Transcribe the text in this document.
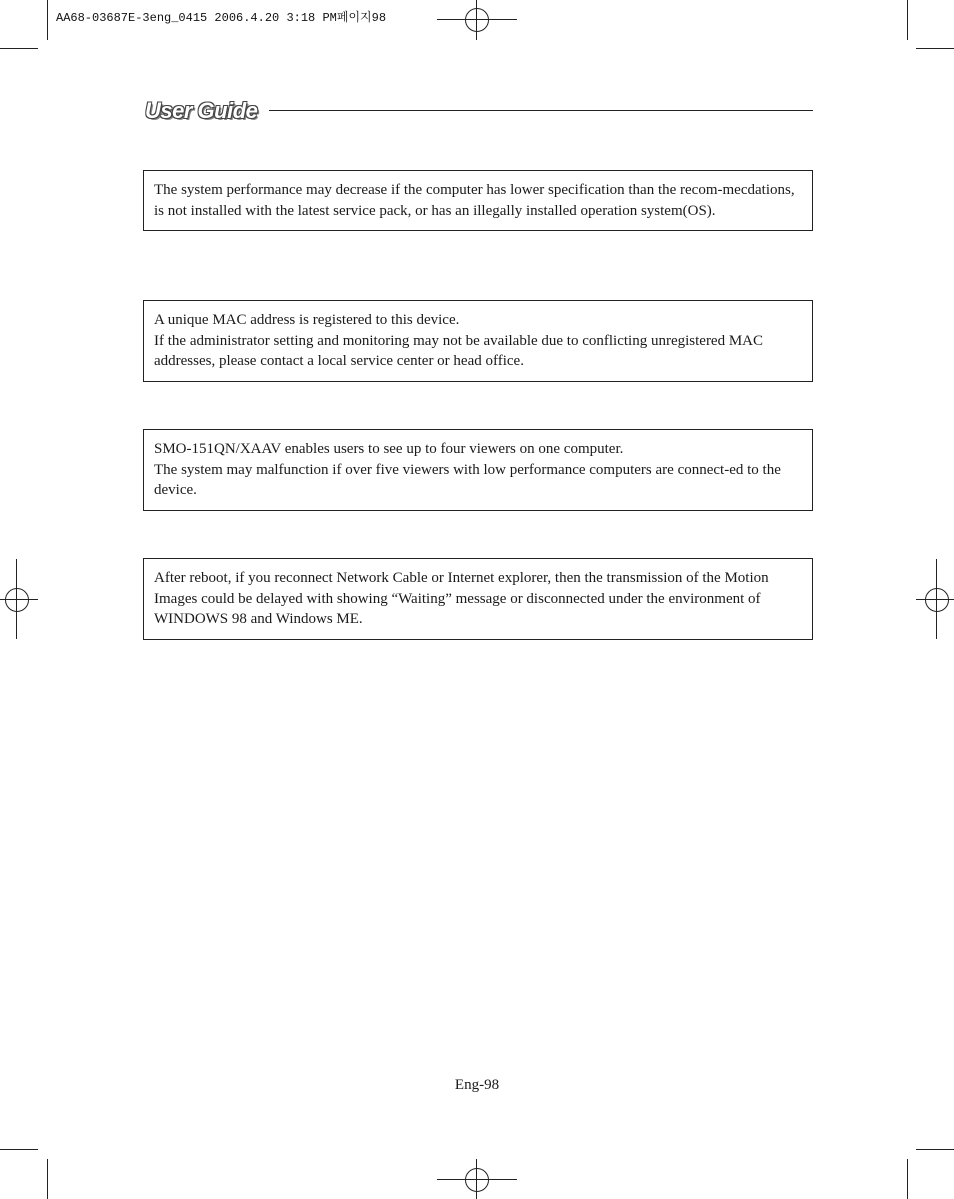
AA68-03687E-3eng_0415 2006.4.20 3:18 PM페이지98
User Guide

The system performance may decrease if the computer has lower specification than the recom-mecdations, is not installed with the latest service pack, or has an illegally installed operation system(OS).

A unique MAC address is registered to this device.

If the administrator setting and monitoring may not be available due to conflicting unregistered MAC addresses, please contact a local service center or head office.

SMO-151QN/XAAV enables users to see up to four viewers on one computer.

The system may malfunction if over five viewers with low performance computers are connect-ed to the device.

After reboot, if you reconnect Network Cable or Internet explorer, then the transmission of the Motion Images could be delayed with showing “Waiting” message or disconnected under the environment of WINDOWS 98 and Windows ME.

Eng-98
